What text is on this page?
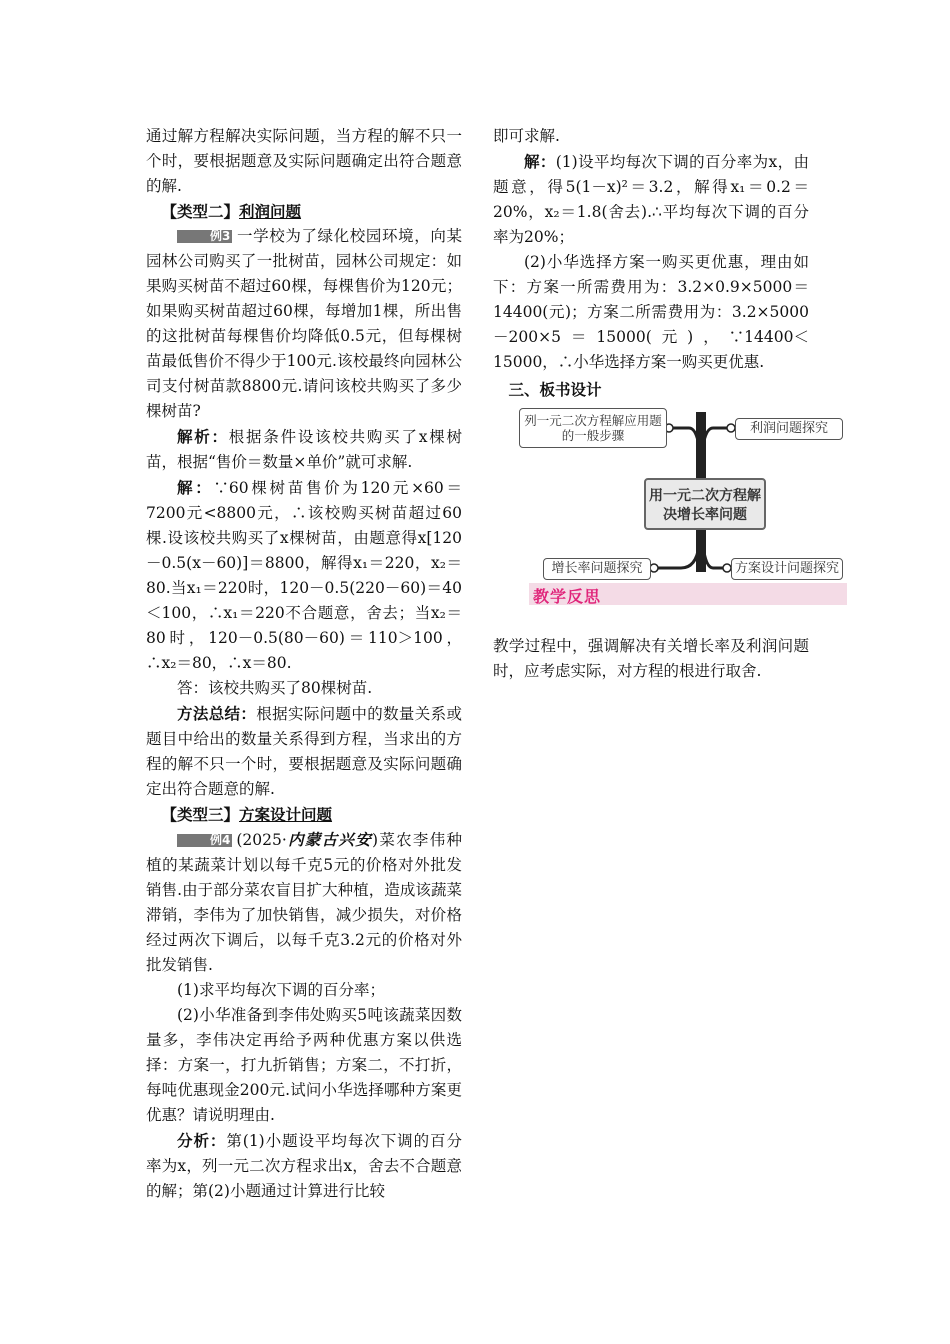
通过解方程解决实际问题，当方程的解不只一个时，要根据题意及实际问题确定出符合题意的解.

【类型二】利润问题

例3 一学校为了绿化校园环境，向某园林公司购买了一批树苗，园林公司规定：如果购买树苗不超过60棵，每棵售价为120元；如果购买树苗超过60棵，每增加1棵，所出售的这批树苗每棵售价均降低0.5元，但每棵树苗最低售价不得少于100元.该校最终向园林公司支付树苗款8800元.请问该校共购买了多少棵树苗?

解析：根据条件设该校共购买了x棵树苗，根据“售价＝数量×单价”就可求解.

解：∵60棵树苗售价为120元×60＝7200元<8800元，∴该校购买树苗超过60棵.设该校共购买了x棵树苗，由题意得x[120－0.5(x－60)]＝8800，解得x₁＝220，x₂＝80.当x₁＝220时，120－0.5(220－60)＝40＜100，∴x₁＝220不合题意，舍去；当x₂＝80时，120－0.5(80－60)＝110＞100，∴x₂＝80，∴x＝80.

答：该校共购买了80棵树苗.

方法总结：根据实际问题中的数量关系或题目中给出的数量关系得到方程，当求出的方程的解不只一个时，要根据题意及实际问题确定出符合题意的解.

【类型三】方案设计问题

例4 (2025·内蒙古兴安)菜农李伟种植的某蔬菜计划以每千克5元的价格对外批发销售.由于部分菜农盲目扩大种植，造成该蔬菜滞销，李伟为了加快销售，减少损失，对价格经过两次下调后，以每千克3.2元的价格对外批发销售.

(1)求平均每次下调的百分率；

(2)小华准备到李伟处购买5吨该蔬菜因数量多，李伟决定再给予两种优惠方案以供选择：方案一，打九折销售；方案二，不打折，每吨优惠现金200元.试问小华选择哪种方案更优惠？请说明理由.

分析：第(1)小题设平均每次下调的百分率为x，列一元二次方程求出x，舍去不合题意的解；第(2)小题通过计算进行比较

即可求解.

解：(1)设平均每次下调的百分率为x，由题意，得5(1－x)²＝3.2，解得x₁＝0.2＝20%，x₂＝1.8(舍去).∴平均每次下调的百分率为20%；

(2)小华选择方案一购买更优惠，理由如下：方案一所需费用为：3.2×0.9×5000＝14400(元)；方案二所需费用为：3.2×5000－200×5＝15000(元)，∵14400＜15000，∴小华选择方案一购买更优惠.

三、板书设计

列一元二次方程解应用题的一般步骤	利润问题探究
用一元二次方程解决增长率问题
增长率问题探究	方案设计问题探究
教学反思

教学过程中，强调解决有关增长率及利润问题时，应考虑实际，对方程的根进行取舍.
